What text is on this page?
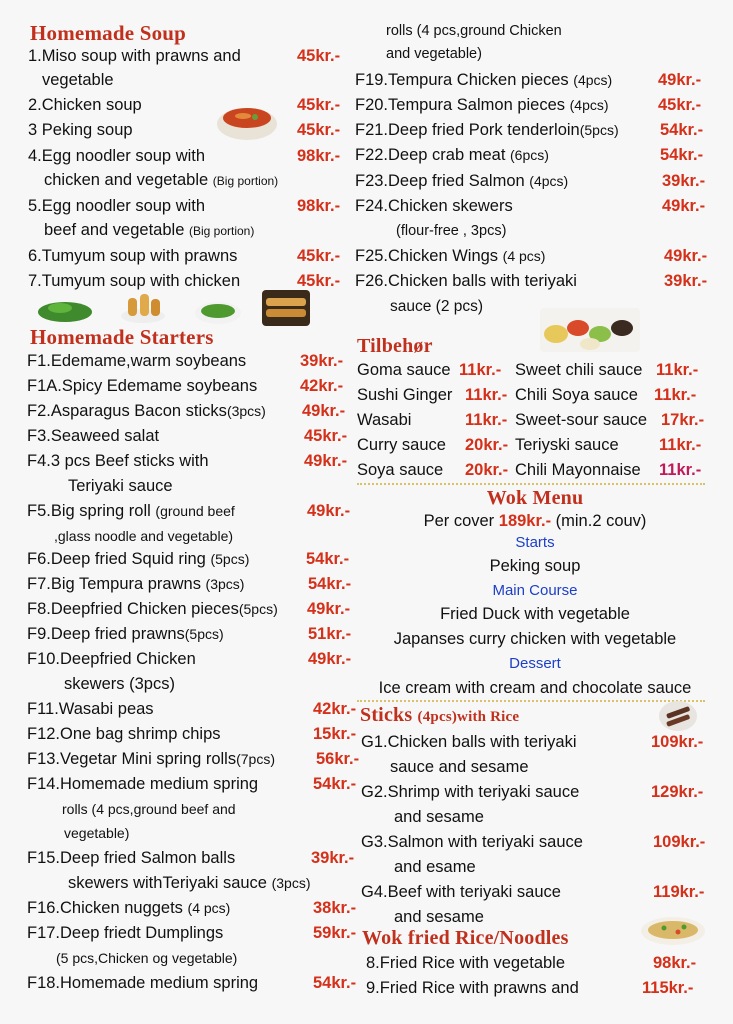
Homemade Soup
1.Miso soup with prawns and
vegetable
45kr.-
2.Chicken soup	45kr.-
3 Peking soup	45kr.-
4.Egg noodler soup with
chicken and vegetable (Big portion)
98kr.-
5.Egg noodler soup with
beef and vegetable (Big portion)
98kr.-
6.Tumyum soup with prawns	45kr.-
7.Tumyum soup with chicken	45kr.-
Homemade Starters
F1.Edemame,warm soybeans	39kr.-
F1A.Spicy Edemame soybeans	42kr.-
F2.Asparagus Bacon sticks(3pcs) 49kr.-
F3.Seaweed salat	45kr.-
F4.3 pcs Beef sticks with
Teriyaki sauce
49kr.-
F5.Big spring roll (ground beef
,glass noodle and vegetable)
49kr.-
F6.Deep fried Squid ring (5pcs)	54kr.-
F7.Big Tempura prawns (3pcs)	54kr.-
F8.Deepfried Chicken pieces(5pcs) 49kr.-
F9.Deep fried prawns(5pcs)	51kr.-
F10.Deepfried Chicken
skewers (3pcs)
49kr.-
F11.Wasabi peas	42kr.-
F12.One bag shrimp chips	15kr.-
F13.Vegetar Mini spring rolls(7pcs) 56kr.-
F14.Homemade medium spring
rolls (4 pcs,ground beef and
vegetable)
54kr.-
F15.Deep fried Salmon balls
skewers withTeriyaki sauce (3pcs)
39kr.-
F16.Chicken nuggets (4 pcs)	38kr.-
F17.Deep friedt Dumplings
(5 pcs,Chicken og vegetable)
59kr.-
F18.Homemade medium spring	54kr.-
rolls (4 pcs,ground Chicken
and vegetable)
F19.Tempura Chicken pieces (4pcs)	49kr.-
F20.Tempura Salmon pieces (4pcs)	45kr.-
F21.Deep fried Pork tenderloin(5pcs)	54kr.-
F22.Deep crab meat (6pcs)	54kr.-
F23.Deep fried Salmon (4pcs)	39kr.-
F24.Chicken skewers
(flour-free , 3pcs)
49kr.-
F25.Chicken Wings (4 pcs)	49kr.-
F26.Chicken balls with teriyaki
sauce (2 pcs)
39kr.-
Tilbehør
Goma sauce 11kr.-
Sushi Ginger 11kr.-
Wasabi	11kr.-
Curry sauce 20kr.-
Soya sauce 20kr.-
Sweet chili sauce 11kr.-
Chili Soya sauce 11kr.-
Sweet-sour sauce 17kr.-
Teriyski sauce 11kr.-
Chili Mayonnaise 11kr.-
Wok Menu
Per cover 189kr.- (min.2 couv)
Starts
Peking soup
Main Course
Fried Duck with vegetable
Japanses curry chicken with vegetable
Dessert
Ice cream with cream and chocolate sauce
Sticks (4pcs)with Rice
G1.Chicken balls with teriyaki
sauce and sesame
109kr.-
G2.Shrimp with teriyaki sauce
and sesame
129kr.-
G3.Salmon with teriyaki sauce
and esame
109kr.-
G4.Beef with teriyaki sauce
and sesame
119kr.-
Wok fried Rice/Noodles
8.Fried Rice with vegetable	98kr.-
9.Fried Rice with prawns and	115kr.-
